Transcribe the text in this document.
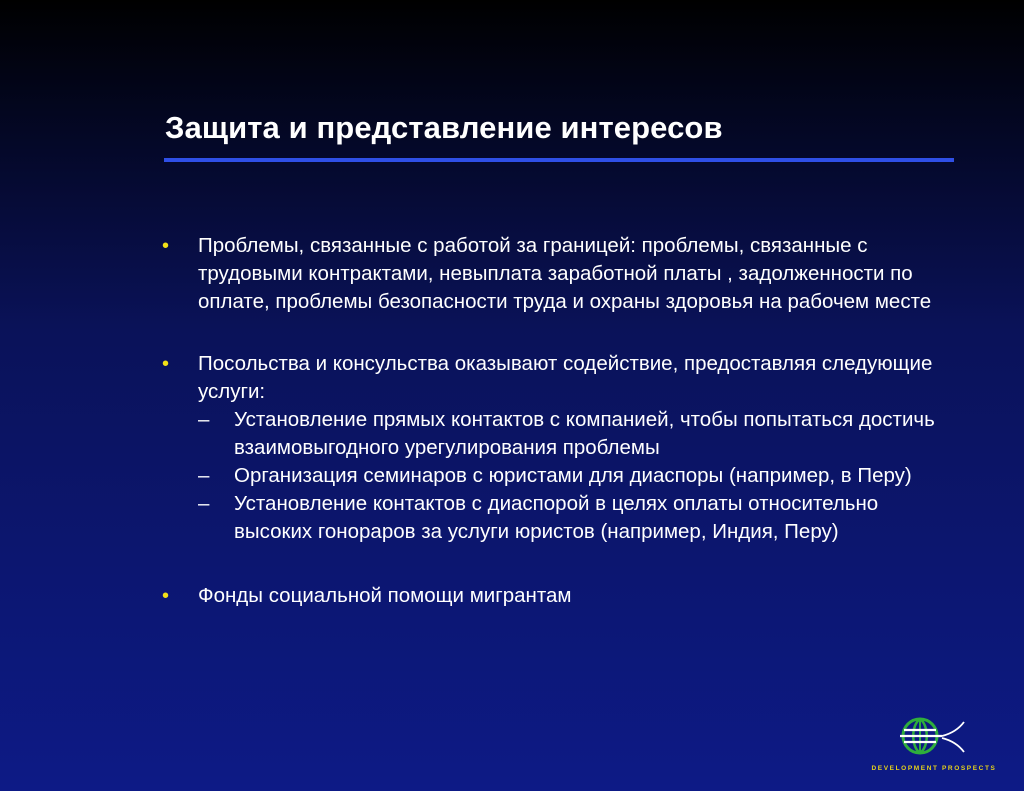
Защита и представление интересов
• Проблемы, связанные с работой за границей: проблемы, связанные с трудовыми контрактами, невыплата заработной платы , задолженности по оплате, проблемы безопасности труда и охраны здоровья на рабочем месте
• Посольства и консульства оказывают содействие, предоставляя следующие услуги:
– Установление прямых контактов с компанией, чтобы попытаться достичь взаимовыгодного урегулирования проблемы
– Организация семинаров с юристами для диаспоры (например, в Перу)
– Установление контактов с диаспорой в целях оплаты относительно высоких гонораров за услуги юристов (например, Индия, Перу)
• Фонды социальной помощи мигрантам
DEVELOPMENT PROSPECTS
